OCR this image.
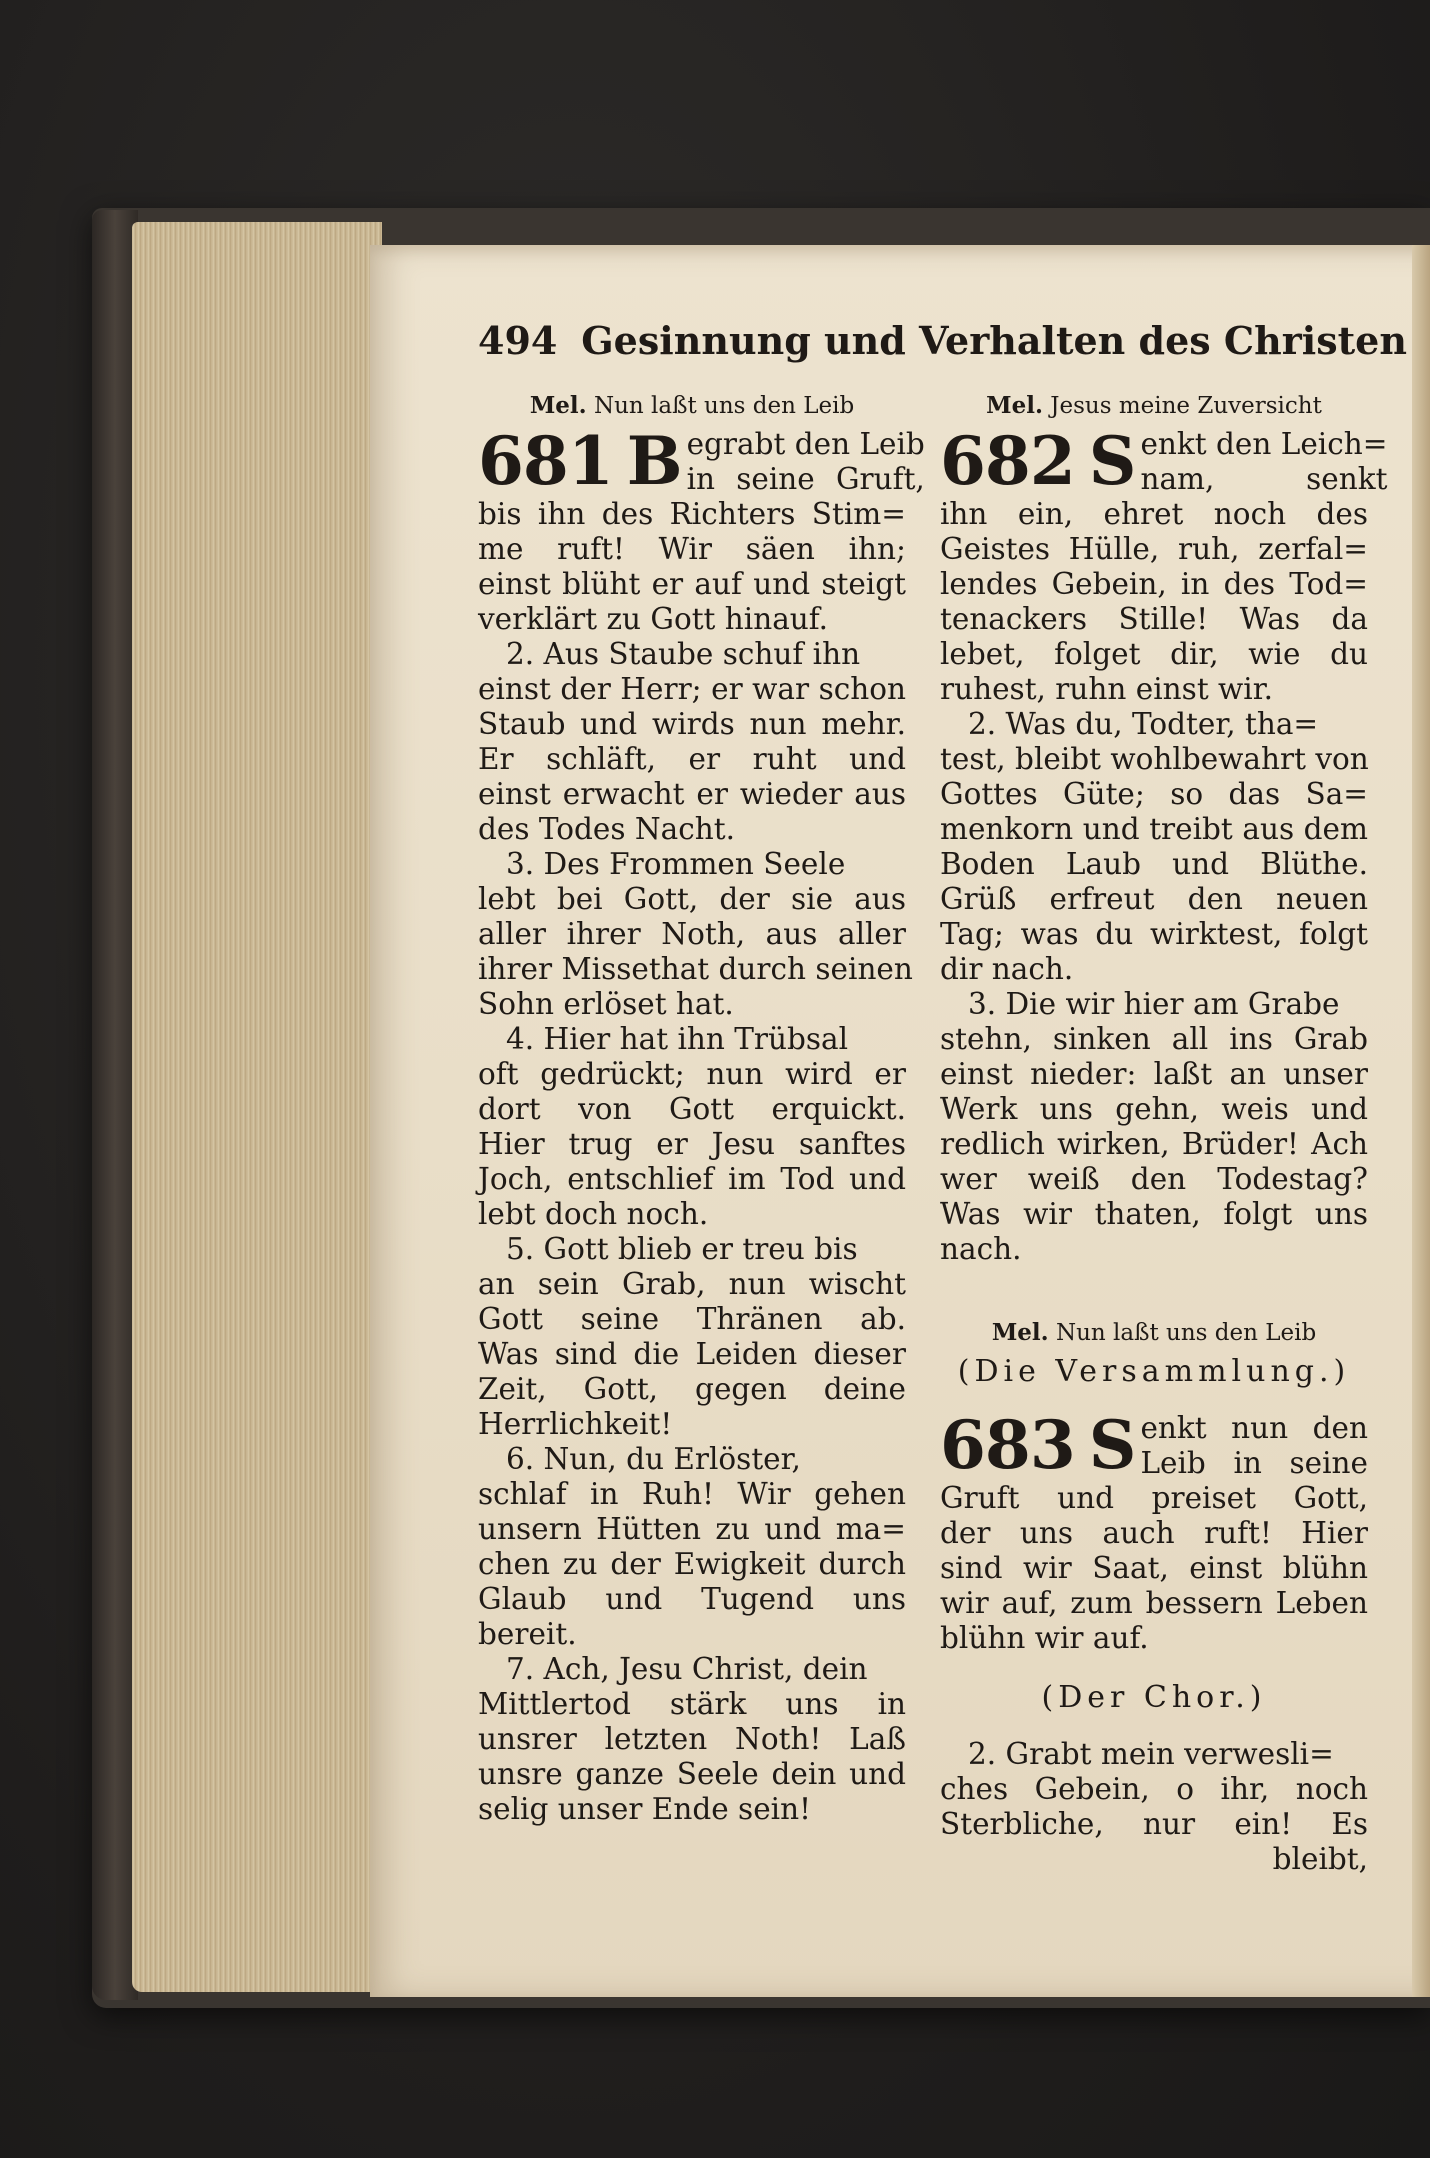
494 Gesinnung und Verhalten des Christen
Mel. Nun laßt uns den Leib
681 B egrabt den Leib
in seine Gruft,
bis ihn des Richters Stim=
me ruft! Wir säen ihn;
einst blüht er auf und steigt
verklärt zu Gott hinauf.
2. Aus Staube schuf ihn
einst der Herr; er war schon
Staub und wirds nun mehr.
Er schläft, er ruht und
einst erwacht er wieder aus
des Todes Nacht.
3. Des Frommen Seele
lebt bei Gott, der sie aus
aller ihrer Noth, aus aller
ihrer Missethat durch seinen
Sohn erlöset hat.
4. Hier hat ihn Trübsal
oft gedrückt; nun wird er
dort von Gott erquickt.
Hier trug er Jesu sanftes
Joch, entschlief im Tod und
lebt doch noch.
5. Gott blieb er treu bis
an sein Grab, nun wischt
Gott seine Thränen ab.
Was sind die Leiden dieser
Zeit, Gott, gegen deine
Herrlichkeit!
6. Nun, du Erlöster,
schlaf in Ruh! Wir gehen
unsern Hütten zu und ma=
chen zu der Ewigkeit durch
Glaub und Tugend uns
bereit.
7. Ach, Jesu Christ, dein
Mittlertod stärk uns in
unsrer letzten Noth! Laß
unsre ganze Seele dein und
selig unser Ende sein!
Mel. Jesus meine Zuversicht
682 S enkt den Leich=
nam, senkt
ihn ein, ehret noch des
Geistes Hülle, ruh, zerfal=
lendes Gebein, in des Tod=
tenackers Stille! Was da
lebet, folget dir, wie du
ruhest, ruhn einst wir.
2. Was du, Todter, tha=
test, bleibt wohlbewahrt von
Gottes Güte; so das Sa=
menkorn und treibt aus dem
Boden Laub und Blüthe.
Grüß erfreut den neuen
Tag; was du wirktest, folgt
dir nach.
3. Die wir hier am Grabe
stehn, sinken all ins Grab
einst nieder: laßt an unser
Werk uns gehn, weis und
redlich wirken, Brüder! Ach
wer weiß den Todestag?
Was wir thaten, folgt uns
nach.
Mel. Nun laßt uns den Leib
(Die Versammlung.)
683 S enkt nun den
Leib in seine
Gruft und preiset Gott,
der uns auch ruft! Hier
sind wir Saat, einst blühn
wir auf, zum bessern Leben
blühn wir auf.
(Der Chor.)
2. Grabt mein verwesli=
ches Gebein, o ihr, noch
Sterbliche, nur ein! Es
bleibt,
